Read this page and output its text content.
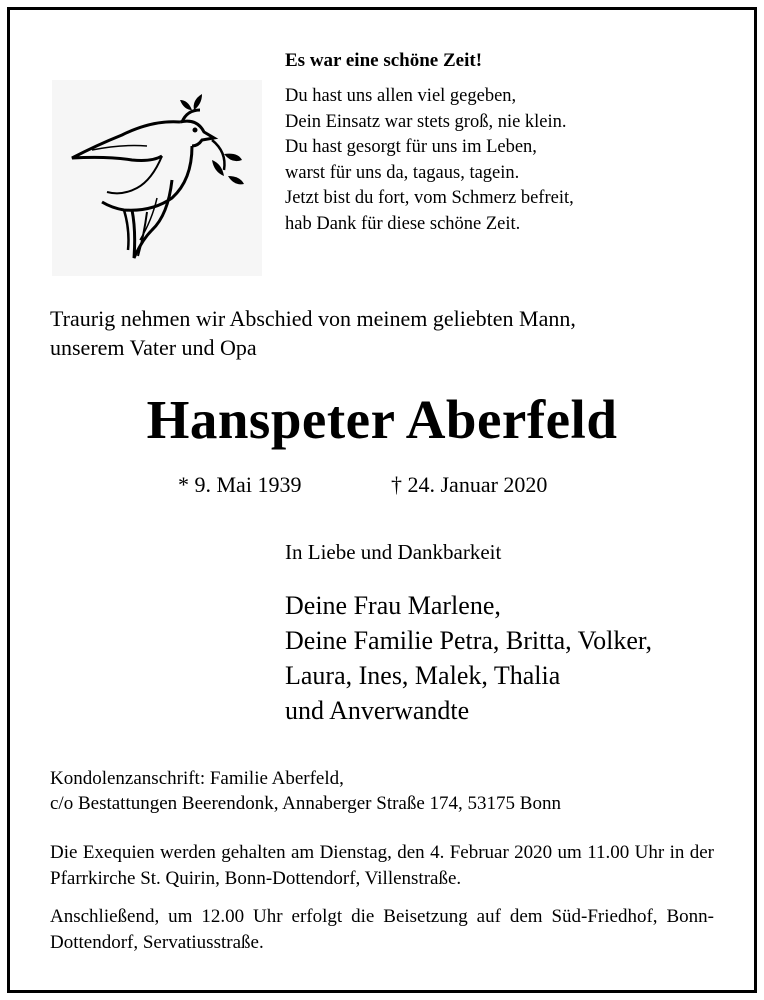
Es war eine schöne Zeit!
Du hast uns allen viel gegeben,
Dein Einsatz war stets groß, nie klein.
Du hast gesorgt für uns im Leben,
warst für uns da, tagaus, tagein.
Jetzt bist du fort, vom Schmerz befreit,
hab Dank für diese schöne Zeit.
Traurig nehmen wir Abschied von meinem geliebten Mann,
unserem Vater und Opa
Hanspeter Aberfeld
* 9. Mai 1939	† 24. Januar 2020
In Liebe und Dankbarkeit
Deine Frau Marlene,
Deine Familie Petra, Britta, Volker,
Laura, Ines, Malek, Thalia
und Anverwandte
Kondolenzanschrift: Familie Aberfeld,
c/o Bestattungen Beerendonk, Annaberger Straße 174, 53175 Bonn
Die Exequien werden gehalten am Dienstag, den 4. Februar 2020 um 11.00 Uhr in der Pfarrkirche St. Quirin, Bonn-Dottendorf, Villenstraße.
Anschließend, um 12.00 Uhr erfolgt die Beisetzung auf dem Süd-Friedhof, Bonn-Dottendorf, Servatiusstraße.
